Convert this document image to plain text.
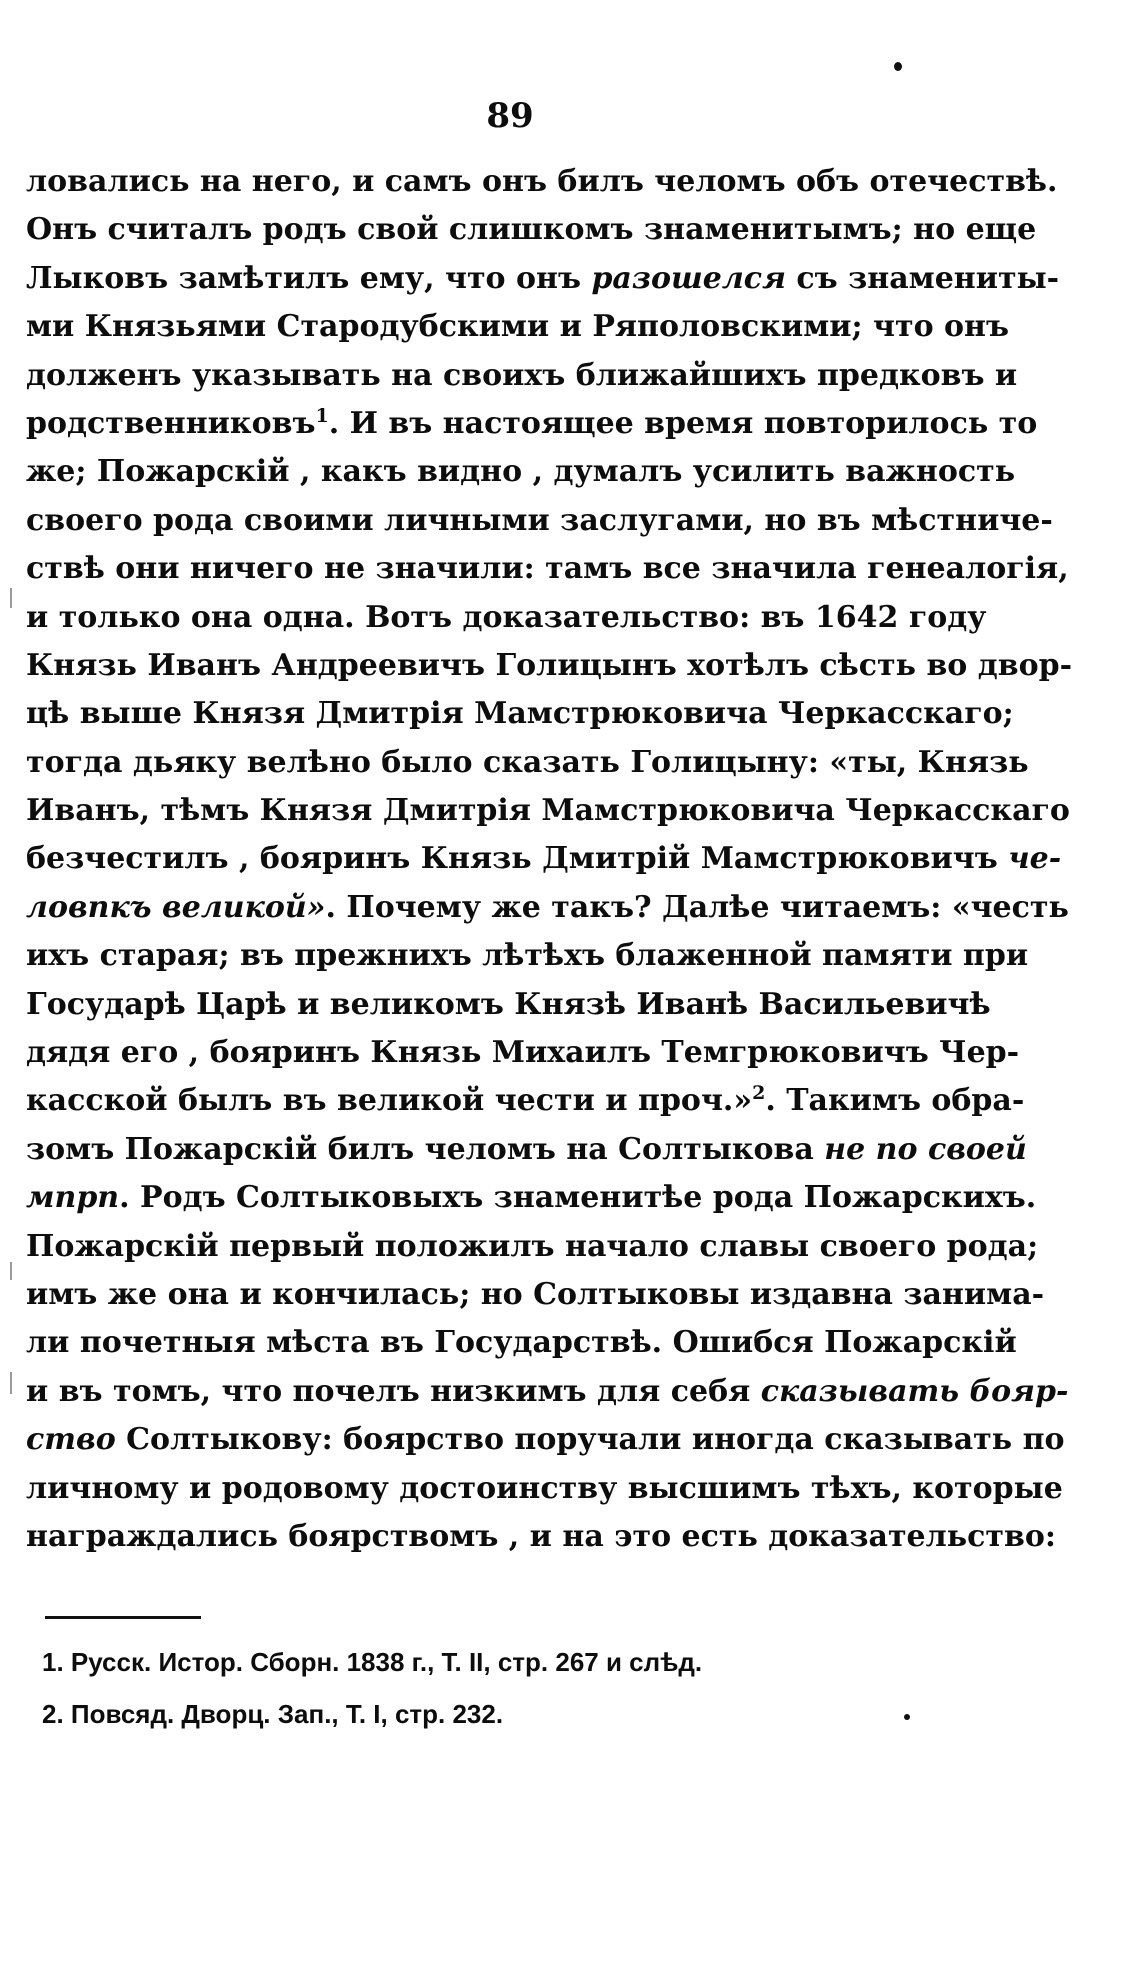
89
ловались на него, и самъ онъ билъ челомъ объ отечествѣ.
Онъ считалъ родъ свой слишкомъ знаменитымъ; но еще
Лыковъ замѣтилъ ему, что онъ разошелся съ знамениты-
ми Князьями Стародубскими и Ряполовскими; что онъ
долженъ указывать на своихъ ближайшихъ предковъ и
родственниковъ$^1$. И въ настоящее время повторилось то
же; Пожарскій , какъ видно , думалъ усилить важность
своего рода своими личными заслугами, но въ мѣстниче-
ствѣ они ничего не значили: тамъ все значила генеалогія,
и только она одна. Вотъ доказательство: въ 1642 году
Князь Иванъ Андреевичъ Голицынъ хотѣлъ сѣсть во двор-
цѣ выше Князя Дмитрія Мамстрюковича Черкасскаго;
тогда дьяку велѣно было сказать Голицыну: «ты, Князь
Иванъ, тѣмъ Князя Дмитрія Мамстрюковича Черкасскаго
безчестилъ , бояринъ Князь Дмитрій Мамстрюковичъ че-
ловпкъ великой». Почему же такъ? Далѣе читаемъ: «честь
ихъ старая; въ прежнихъ лѣтѣхъ блаженной памяти при
Государѣ Царѣ и великомъ Князѣ Иванѣ Васильевичѣ
дядя его , бояринъ Князь Михаилъ Темгрюковичъ Чер-
касской былъ въ великой чести и проч.»$^2$. Такимъ обра-
зомъ Пожарскій билъ челомъ на Солтыкова не по своей
мпрп. Родъ Солтыковыхъ знаменитѣе рода Пожарскихъ.
Пожарскій первый положилъ начало славы своего рода;
имъ же она и кончилась; но Солтыковы издавна занима-
ли почетныя мѣста въ Государствѣ. Ошибся Пожарскій
и въ томъ, что почелъ низкимъ для себя сказывать бояр-
ство Солтыкову: боярство поручали иногда сказывать по
личному и родовому достоинству высшимъ тѣхъ, которые
награждались боярствомъ , и на это есть доказательство:
1. Русск. Истор. Сборн. 1838 г., Т. II, стр. 267 и слѣд.
2. Повсяд. Дворц. Зап., Т. I, стр. 232.
